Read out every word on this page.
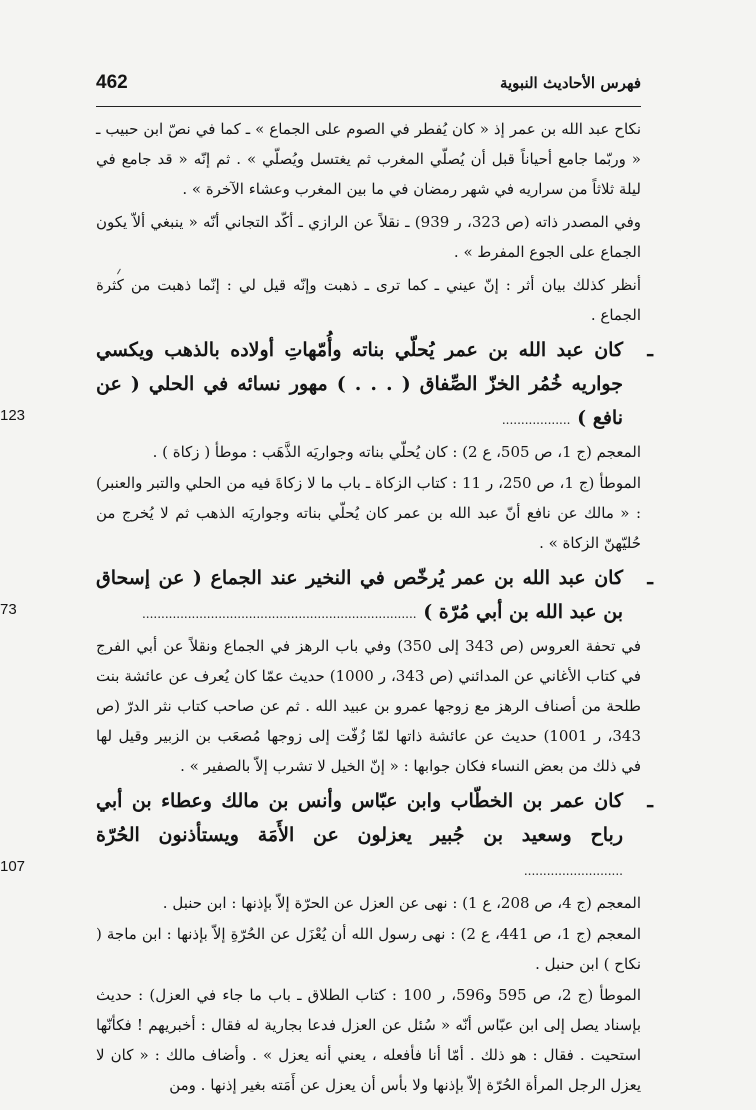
462	فهرس الأحاديث النبوية

نكاح عبد الله بن عمر إذ « كان يُفطر في الصوم على الجماع » ـ كما في نصّ ابن حبيب ـ « وربّما جامع أحياناً قبل أن يُصلّي المغرب ثم يغتسل ويُصلّي » . ثم إنّه « قد جامع في ليلة ثلاثاً من سراريه في شهر رمضان في ما بين المغرب وعشاء الآخرة » .

وفي المصدر ذاته (ص 323، ر 939) ـ نقلاً عن الرازي ـ أكّد التجاني أنّه « ينبغي ألاّ يكون الجماع على الجوع المفرط » .

أنظر كذلك بيان أثر : إنّ عيني ـ كما ترى ـ ذهبت وإنّه قيل لي : إنّما ذهبت من كثرة الجماع .

ـ
كان عبد الله بن عمر يُحلّي بناته وأُمّهاتِ أولاده بالذهب ويكسي جواريه خُمُر الخزّ الصِّفاق ( . . . ) مهور نسائه في الحلي ( عن نافع ) ..................
123

المعجم (ج 1، ص 505، ع 2) : كان يُحلّي بناته وجواريَه الذَّهَب : موطأ ( زكاة ) .

الموطأ (ج 1، ص 250، ر 11 : كتاب الزكاة ـ باب ما لا زكاةَ فيه من الحلي والتبر والعنبر) : « مالك عن نافع أنّ عبد الله بن عمر كان يُحلّي بناته وجواريَه الذهب ثم لا يُخرج من حُليّهنّ الزكاة » .

ـ
كان عبد الله بن عمر يُرخّص في النخير عند الجماع ( عن إسحاق بن عبد الله بن أبي مُرّة ) ........................................................................
73

في تحفة العروس (ص 343 إلى 350) وفي باب الرهز في الجماع ونقلاً عن أبي الفرج في كتاب الأغاني عن المدائني (ص 343، ر 1000) حديث عمّا كان يُعرف عن عائشة بنت طلحة من أصناف الرهز مع زوجها عمرو بن عبيد الله . ثم عن صاحب كتاب نثر الدرّ (ص 343، ر 1001) حديث عن عائشة ذاتها لمّا زُفّت إلى زوجها مُصعَب بن الزبير وقيل لها في ذلك من بعض النساء فكان جوابها : « إنّ الخيل لا تشرب إلاّ بالصفير » .

ـ
كان عمر بن الخطّاب وابن عبّاس وأنس بن مالك وعطاء بن أبي رباح وسعيد بن جُبير يعزلون عن الأَمَة ويستأذنون الحُرّة ..........................
107

المعجم (ج 4، ص 208، ع 1) : نهى عن العزل عن الحرّة إلاّ بإذنها : ابن حنبل .

المعجم (ج 1، ص 441، ع 2) : نهى رسول الله أن يُعْزَل عن الحُرّةِ إلاّ بإذنها : ابن ماجة ( نكاح ) ابن حنبل .

الموطأ (ج 2، ص 595 و596، ر 100 : كتاب الطلاق ـ باب ما جاء في العزل) : حديث بإسناد يصل إلى ابن عبّاس أنّه « سُئل عن العزل فدعا بجارية له فقال : أخبريهم ! فكأنّها استحيت . فقال : هو ذلك . أمّا أنا فأفعله ، يعني أنه يعزل » . وأضاف مالك : « كان لا يعزل الرجل المرأة الحُرّة إلاّ بإذنها ولا بأس أن يعزل عن أَمَته بغير إذنها . ومن
